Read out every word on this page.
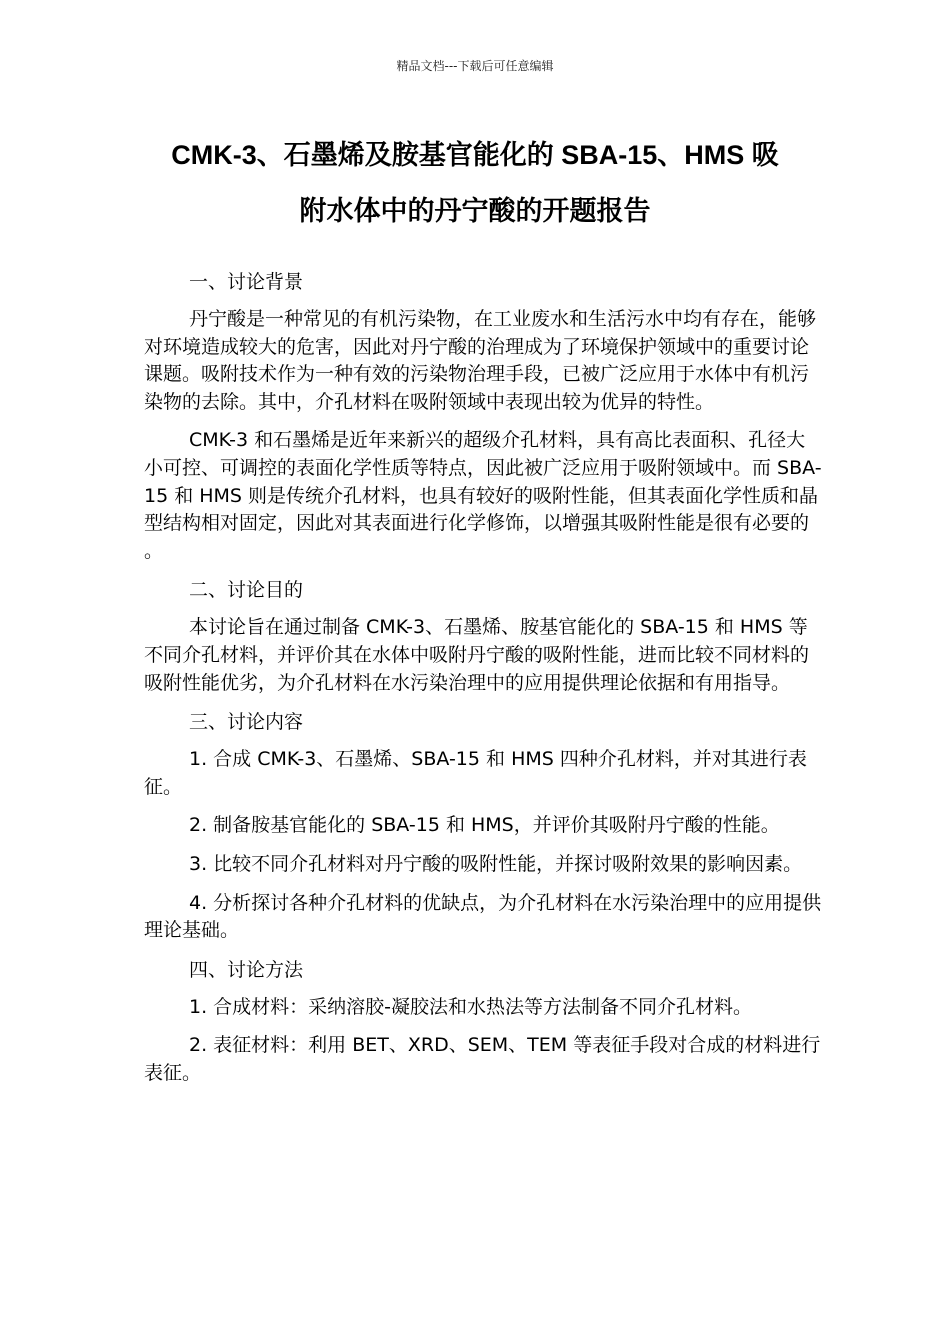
精品文档---下载后可任意编辑
CMK-3、石墨烯及胺基官能化的 SBA-15、HMS 吸
附水体中的丹宁酸的开题报告
一、讨论背景

丹宁酸是一种常见的有机污染物，在工业废水和生活污水中均有存在，能够对环境造成较大的危害，因此对丹宁酸的治理成为了环境保护领域中的重要讨论课题。吸附技术作为一种有效的污染物治理手段，已被广泛应用于水体中有机污染物的去除。其中，介孔材料在吸附领域中表现出较为优异的特性。

CMK-3 和石墨烯是近年来新兴的超级介孔材料，具有高比表面积、孔径大小可控、可调控的表面化学性质等特点，因此被广泛应用于吸附领域中。而 SBA-15 和 HMS 则是传统介孔材料，也具有较好的吸附性能，但其表面化学性质和晶型结构相对固定，因此对其表面进行化学修饰，以增强其吸附性能是很有必要的。

二、讨论目的

本讨论旨在通过制备 CMK-3、石墨烯、胺基官能化的 SBA-15 和 HMS 等不同介孔材料，并评价其在水体中吸附丹宁酸的吸附性能，进而比较不同材料的吸附性能优劣，为介孔材料在水污染治理中的应用提供理论依据和有用指导。

三、讨论内容

1. 合成 CMK-3、石墨烯、SBA-15 和 HMS 四种介孔材料，并对其进行表征。

2. 制备胺基官能化的 SBA-15 和 HMS，并评价其吸附丹宁酸的性能。

3. 比较不同介孔材料对丹宁酸的吸附性能，并探讨吸附效果的影响因素。

4. 分析探讨各种介孔材料的优缺点，为介孔材料在水污染治理中的应用提供理论基础。

四、讨论方法

1. 合成材料：采纳溶胶-凝胶法和水热法等方法制备不同介孔材料。

2. 表征材料：利用 BET、XRD、SEM、TEM 等表征手段对合成的材料进行表征。
